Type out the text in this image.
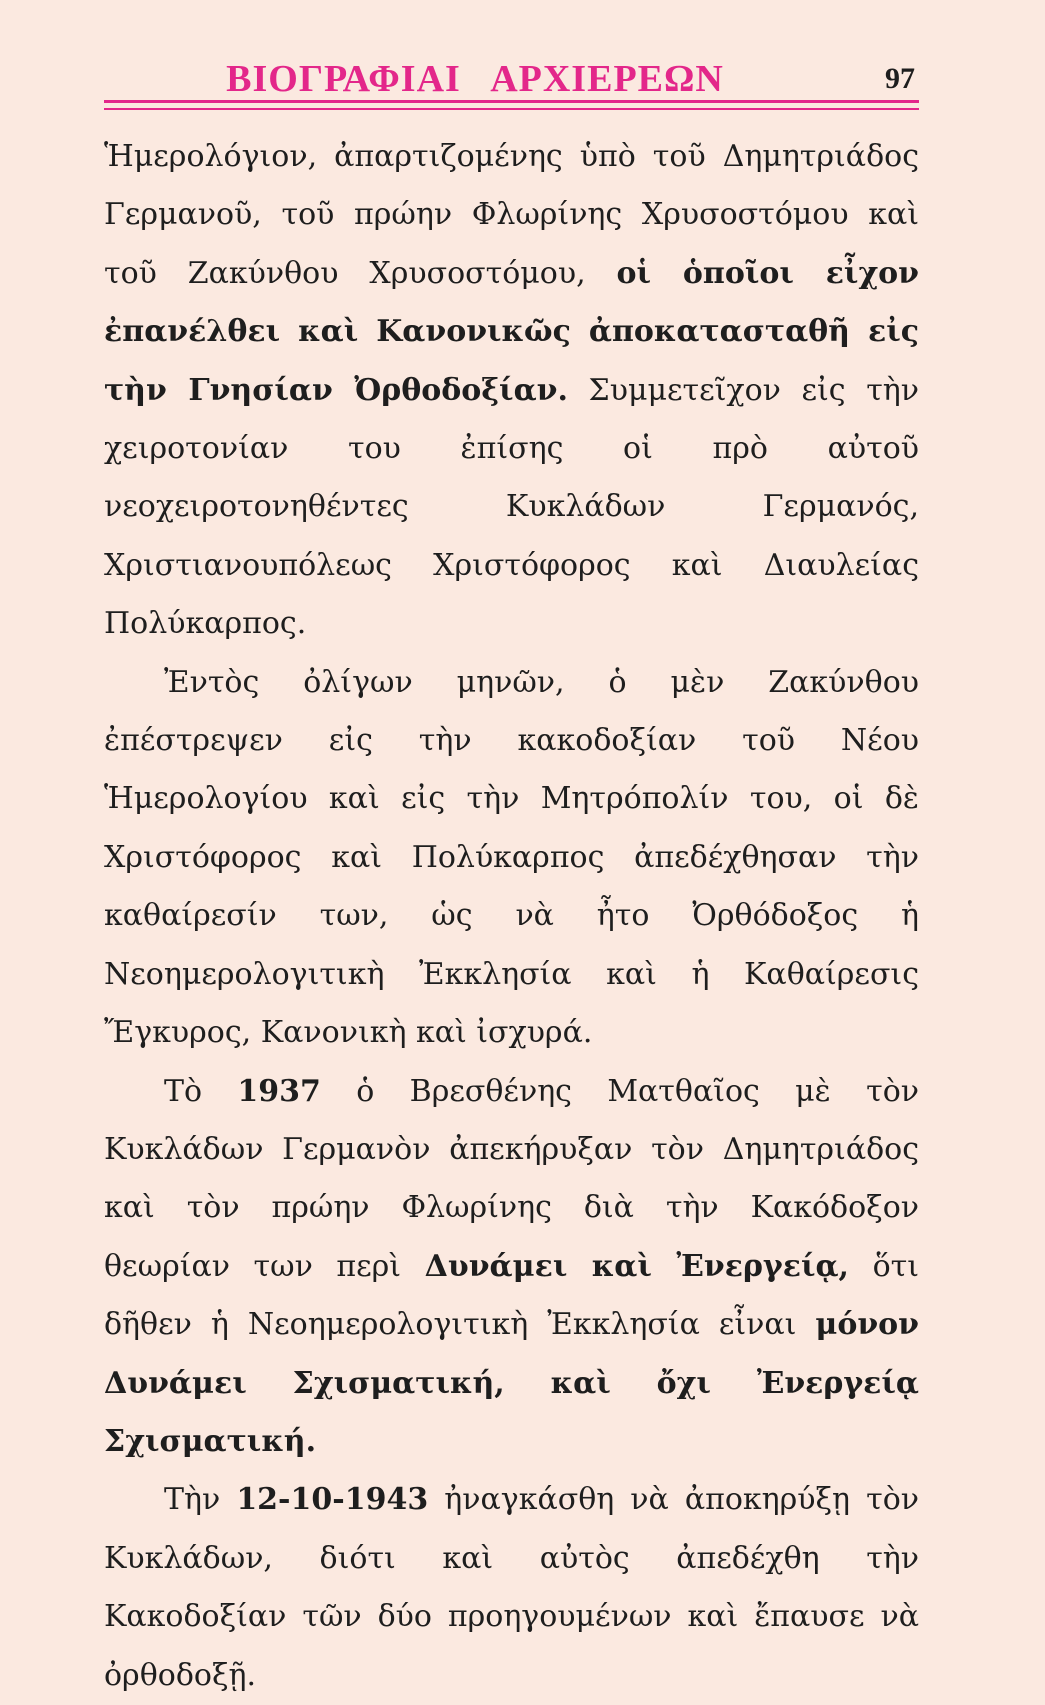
ΒΙΟΓΡΑΦΙΑΙ   ΑΡΧΙΕΡΕΩΝ	97

Ἡμερολόγιον, ἀπαρτιζομένης ὑπὸ τοῦ Δημητριάδος Γερμανοῦ, τοῦ πρώην Φλωρίνης Χρυσοστόμου καὶ τοῦ Ζακύνθου Χρυσοστόμου, οἱ ὁποῖοι εἶχον ἐπανέλθει καὶ Κανονικῶς ἀποκατασταθῆ εἰς τὴν Γνησίαν Ὀρθοδοξίαν. Συμμετεῖχον εἰς τὴν χειροτονίαν του ἐπίσης οἱ πρὸ αὐτοῦ νεοχειροτονηθέντες Κυκλάδων Γερμανός, Χριστιανουπόλεως Χριστόφορος καὶ Διαυλείας Πολύκαρπος.

Ἐντὸς ὀλίγων μηνῶν, ὁ μὲν Ζακύνθου ἐπέστρεψεν εἰς τὴν κακοδοξίαν τοῦ Νέου Ἡμερολογίου καὶ εἰς τὴν Μητρόπολίν του, οἱ δὲ Χριστόφορος καὶ Πολύκαρπος ἀπεδέχθησαν τὴν καθαίρεσίν των, ὡς νὰ ἦτο Ὀρθόδοξος ἡ Νεοημερολογιτικὴ Ἐκκλησία καὶ ἡ Καθαίρεσις Ἔγκυρος, Κανονικὴ καὶ ἰσχυρά.

Τὸ 1937 ὁ Βρεσθένης Ματθαῖος μὲ τὸν Κυκλάδων Γερμανὸν ἀπεκήρυξαν τὸν Δημητριάδος καὶ τὸν πρώην Φλωρίνης διὰ τὴν Κακόδοξον θεωρίαν των περὶ Δυνάμει καὶ Ἐνεργείᾳ, ὅτι δῆθεν ἡ Νεοημερολογιτικὴ Ἐκκλησία εἶναι μόνον Δυνάμει Σχισματική, καὶ ὄχι Ἐνεργείᾳ Σχισματική.

Τὴν 12-10-1943 ἠναγκάσθη νὰ ἀποκηρύξῃ τὸν Κυκλάδων, διότι καὶ αὐτὸς ἀπεδέχθη τὴν Κακοδοξίαν τῶν δύο προηγουμένων καὶ ἔπαυσε νὰ ὀρθοδοξῇ.
